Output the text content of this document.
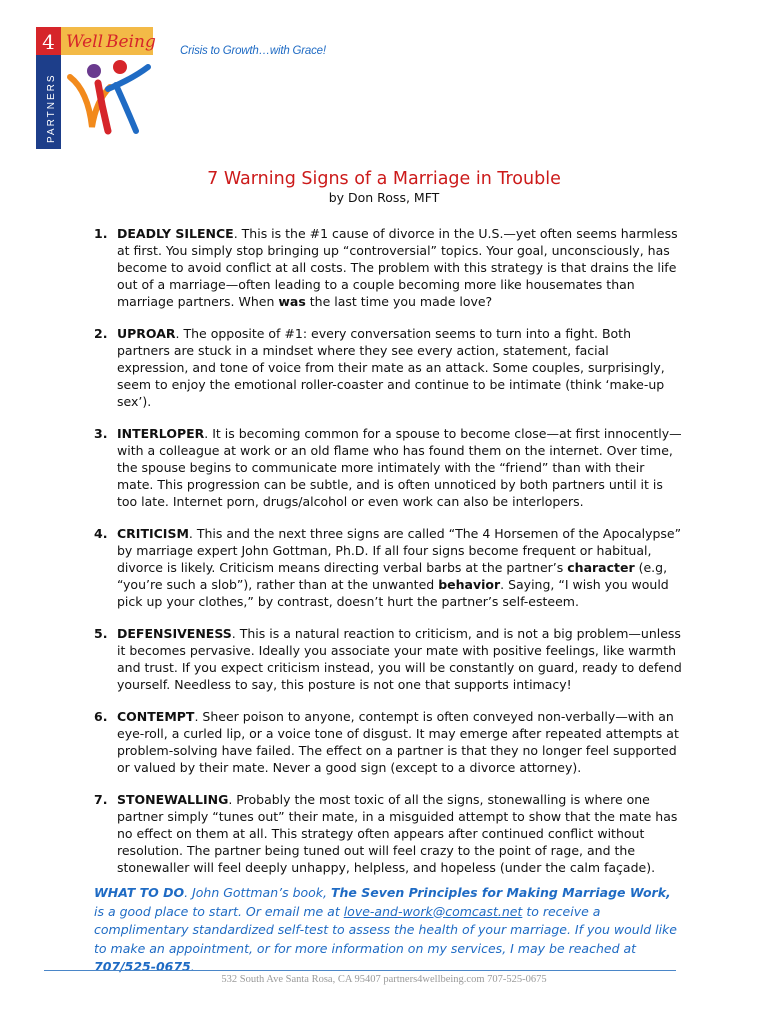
4 Well Being
PARTNERS
Crisis to Growth…with Grace!
7 Warning Signs of a Marriage in Trouble
by Don Ross, MFT
1. DEADLY SILENCE. This is the #1 cause of divorce in the U.S.—yet often seems harmless at first. You simply stop bringing up “controversial” topics. Your goal, unconsciously, has become to avoid conflict at all costs. The problem with this strategy is that drains the life out of a marriage—often leading to a couple becoming more like housemates than marriage partners. When was the last time you made love?
2. UPROAR. The opposite of #1: every conversation seems to turn into a fight. Both partners are stuck in a mindset where they see every action, statement, facial expression, and tone of voice from their mate as an attack. Some couples, surprisingly, seem to enjoy the emotional roller-coaster and continue to be intimate (think ‘make-up sex’).
3. INTERLOPER. It is becoming common for a spouse to become close—at first innocently—with a colleague at work or an old flame who has found them on the internet. Over time, the spouse begins to communicate more intimately with the “friend” than with their mate. This progression can be subtle, and is often unnoticed by both partners until it is too late. Internet porn, drugs/alcohol or even work can also be interlopers.
4. CRITICISM. This and the next three signs are called “The 4 Horsemen of the Apocalypse” by marriage expert John Gottman, Ph.D. If all four signs become frequent or habitual, divorce is likely. Criticism means directing verbal barbs at the partner’s character (e.g, “you’re such a slob”), rather than at the unwanted behavior. Saying, “I wish you would pick up your clothes,” by contrast, doesn’t hurt the partner’s self-esteem.
5. DEFENSIVENESS. This is a natural reaction to criticism, and is not a big problem—unless it becomes pervasive. Ideally you associate your mate with positive feelings, like warmth and trust. If you expect criticism instead, you will be constantly on guard, ready to defend yourself. Needless to say, this posture is not one that supports intimacy!
6. CONTEMPT. Sheer poison to anyone, contempt is often conveyed non-verbally—with an eye-roll, a curled lip, or a voice tone of disgust. It may emerge after repeated attempts at problem-solving have failed. The effect on a partner is that they no longer feel supported or valued by their mate. Never a good sign (except to a divorce attorney).
7. STONEWALLING. Probably the most toxic of all the signs, stonewalling is where one partner simply “tunes out” their mate, in a misguided attempt to show that the mate has no effect on them at all. This strategy often appears after continued conflict without resolution. The partner being tuned out will feel crazy to the point of rage, and the stonewaller will feel deeply unhappy, helpless, and hopeless (under the calm façade).
WHAT TO DO. John Gottman’s book, The Seven Principles for Making Marriage Work, is a good place to start. Or email me at love-and-work@comcast.net to receive a complimentary standardized self-test to assess the health of your marriage. If you would like to make an appointment, or for more information on my services, I may be reached at 707/525-0675.
532 South Ave Santa Rosa, CA 95407 partners4wellbeing.com 707-525-0675
